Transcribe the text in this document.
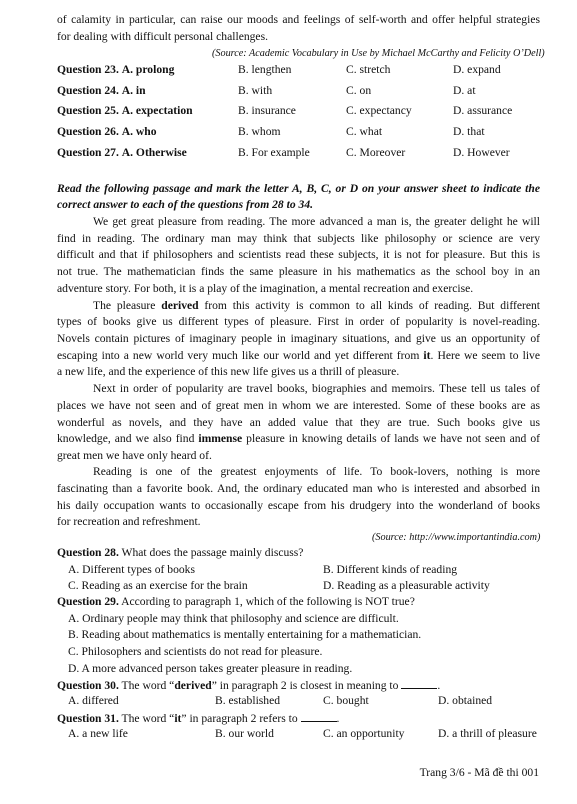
of calamity in particular, can raise our moods and feelings of self-worth and offer helpful strategies
for dealing with difficult personal challenges.
(Source: Academic Vocabulary in Use by Michael McCarthy and Felicity O’Dell)
Question 23. A. prolong	B. lengthen	C. stretch	D. expand
Question 24. A. in	B. with	C. on	D. at
Question 25. A. expectation	B. insurance	C. expectancy	D. assurance
Question 26. A. who	B. whom	C. what	D. that
Question 27. A. Otherwise	B. For example	C. Moreover	D. However
Read the following passage and mark the letter A, B, C, or D on your answer sheet to indicate the
correct answer to each of the questions from 28 to 34.
We get great pleasure from reading. The more advanced a man is, the greater delight he will
find in reading. The ordinary man may think that subjects like philosophy or science are very
difficult and that if philosophers and scientists read these subjects, it is not for pleasure. But this is
not true. The mathematician finds the same pleasure in his mathematics as the school boy in an
adventure story. For both, it is a play of the imagination, a mental recreation and exercise.
The pleasure derived from this activity is common to all kinds of reading. But different
types of books give us different types of pleasure. First in order of popularity is novel-reading.
Novels contain pictures of imaginary people in imaginary situations, and give us an opportunity of
escaping into a new world very much like our world and yet different from it. Here we seem to live
a new life, and the experience of this new life gives us a thrill of pleasure.
Next in order of popularity are travel books, biographies and memoirs. These tell us tales of
places we have not seen and of great men in whom we are interested. Some of these books are as
wonderful as novels, and they have an added value that they are true. Such books give us
knowledge, and we also find immense pleasure in knowing details of lands we have not seen and of
great men we have only heard of.
Reading is one of the greatest enjoyments of life. To book-lovers, nothing is more
fascinating than a favorite book. And, the ordinary educated man who is interested and absorbed in
his daily occupation wants to occasionally escape from his drudgery into the wonderland of books
for recreation and refreshment.
(Source: http://www.importantindia.com)
Question 28. What does the passage mainly discuss?
A. Different types of books	B. Different kinds of reading
C. Reading as an exercise for the brain	D. Reading as a pleasurable activity
Question 29. According to paragraph 1, which of the following is NOT true?
A. Ordinary people may think that philosophy and science are difficult.
B. Reading about mathematics is mentally entertaining for a mathematician.
C. Philosophers and scientists do not read for pleasure.
D. A more advanced person takes greater pleasure in reading.
Question 30. The word “derived” in paragraph 2 is closest in meaning to	.
A. differed	B. established	C. bought	D. obtained
Question 31. The word “it” in paragraph 2 refers to	.
A. a new life	B. our world	C. an opportunity	D. a thrill of pleasure
Trang 3/6 - Mã đề thi 001
